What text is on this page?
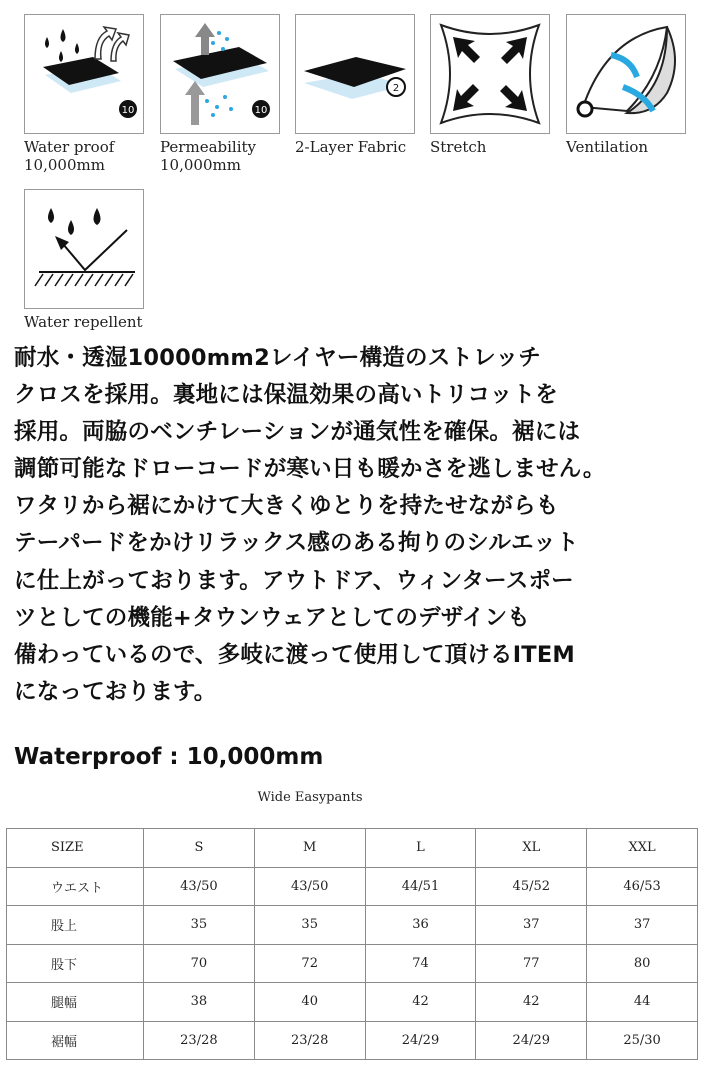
10
Water proof
10,000mm
10
Permeability
10,000mm
2
2-Layer Fabric	Stretch	Ventilation
Water repellent

耐水・透湿10000mm2レイヤー構造のストレッチ
クロスを採用。裏地には保温効果の高いトリコットを
採用。両脇のベンチレーションが通気性を確保。裾には
調節可能なドローコードが寒い日も暖かさを逃しません。
ワタリから裾にかけて大きくゆとりを持たせながらも
テーパードをかけリラックス感のある拘りのシルエット
に仕上がっております。アウトドア、ウィンタースポー
ツとしての機能+タウンウェアとしてのデザインも
備わっているので、多岐に渡って使用して頂けるITEM
になっております。

Waterproof : 10,000mm
Wide Easypants
SIZE	S	M	L	XL	XXL
ウエスト	43/50	43/50	44/51	45/52	46/53
股上	35	35	36	37	37
股下	70	72	74	77	80
腿幅	38	40	42	42	44
裾幅	23/28	23/28	24/29	24/29	25/30
